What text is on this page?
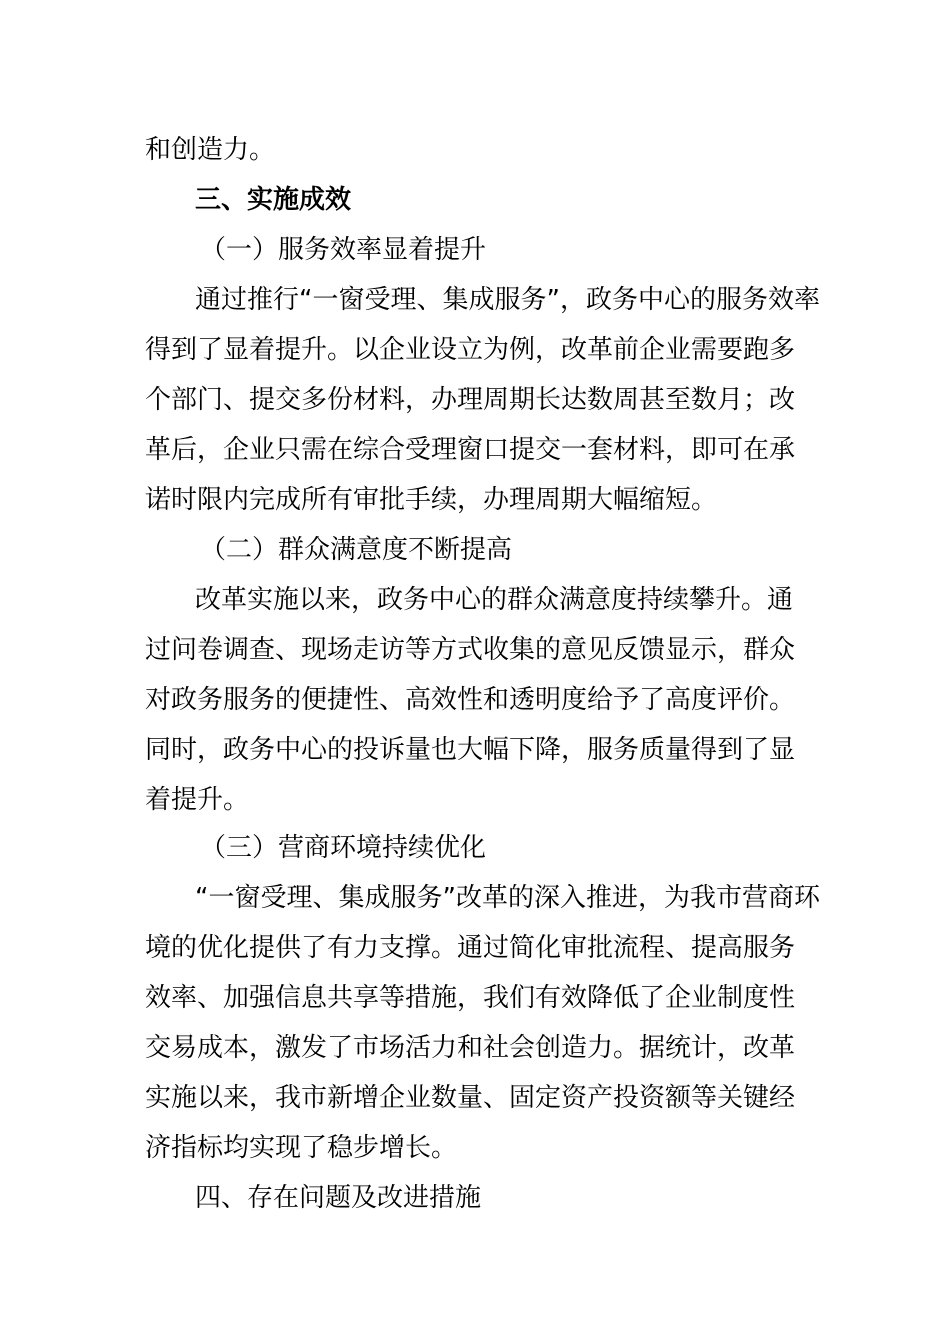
和创造力。

三、实施成效

（一）服务效率显着提升

通过推行“一窗受理、集成服务”，政务中心的服务效率

得到了显着提升。以企业设立为例，改革前企业需要跑多

个部门、提交多份材料，办理周期长达数周甚至数月；改

革后，企业只需在综合受理窗口提交一套材料，即可在承

诺时限内完成所有审批手续，办理周期大幅缩短。

（二）群众满意度不断提高

改革实施以来，政务中心的群众满意度持续攀升。通

过问卷调查、现场走访等方式收集的意见反馈显示，群众

对政务服务的便捷性、高效性和透明度给予了高度评价。

同时，政务中心的投诉量也大幅下降，服务质量得到了显

着提升。

（三）营商环境持续优化

“一窗受理、集成服务”改革的深入推进，为我市营商环

境的优化提供了有力支撑。通过简化审批流程、提高服务

效率、加强信息共享等措施，我们有效降低了企业制度性

交易成本，激发了市场活力和社会创造力。据统计，改革

实施以来，我市新增企业数量、固定资产投资额等关键经

济指标均实现了稳步增长。

四、存在问题及改进措施
